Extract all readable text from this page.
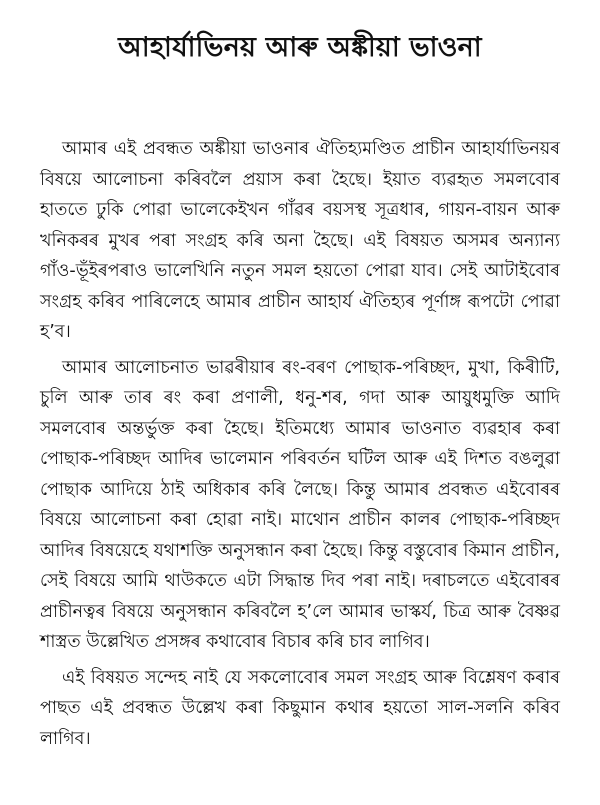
আহাৰ্যাভিনয় আৰু অঙ্কীয়া ভাওনা

আমাৰ এই প্ৰবন্ধত অঙ্কীয়া ভাওনাৰ ঐতিহ্যমণ্ডিত প্ৰাচীন আহাৰ্যাভিনয়ৰ বিষয়ে আলোচনা কৰিবলৈ প্ৰয়াস কৰা হৈছে। ইয়াত ব্যৱহৃত সমলবোৰ হাততে ঢুকি পোৱা ভালেকেইখন গাঁৱৰ বয়সস্থ সূত্ৰধাৰ, গায়ন-বায়ন আৰু খনিকৰৰ মুখৰ পৰা সংগ্ৰহ কৰি অনা হৈছে। এই বিষয়ত অসমৰ অন্যান্য গাঁও-ভূঁইৰপৰাও ভালেখিনি নতুন সমল হয়তো পোৱা যাব। সেই আটাইবোৰ সংগ্ৰহ কৰিব পাৰিলেহে আমাৰ প্ৰাচীন আহাৰ্য ঐতিহ্যৰ পূৰ্ণাঙ্গ ৰূপটো পোৱা হ’ব।

আমাৰ আলোচনাত ভাৱৰীয়াৰ ৰং-বৰণ পোছাক-পৰিচ্ছদ, মুখা, কিৰীটি, চুলি আৰু তাৰ ৰং কৰা প্ৰণালী, ধনু-শৰ, গদা আৰু আয়ুধমুক্তি আদি সমলবোৰ অন্তৰ্ভুক্ত কৰা হৈছে। ইতিমধ্যে আমাৰ ভাওনাত ব্যৱহাৰ কৰা পোছাক-পৰিচ্ছদ আদিৰ ভালেমান পৰিবৰ্তন ঘটিল আৰু এই দিশত বঙলুৱা পোছাক আদিয়ে ঠাই অধিকাৰ কৰি লৈছে। কিন্তু আমাৰ প্ৰবন্ধত এইবোৰৰ বিষয়ে আলোচনা কৰা হোৱা নাই। মাথোন প্ৰাচীন কালৰ পোছাক-পৰিচ্ছদ আদিৰ বিষয়েহে যথাশক্তি অনুসন্ধান কৰা হৈছে। কিন্তু বস্তুবোৰ কিমান প্ৰাচীন, সেই বিষয়ে আমি থাউকতে এটা সিদ্ধান্ত দিব পৰা নাই। দৰাচলতে এইবোৰৰ প্ৰাচীনত্বৰ বিষয়ে অনুসন্ধান কৰিবলৈ হ’লে আমাৰ ভাস্কৰ্য, চিত্ৰ আৰু বৈষ্ণৱ শাস্ত্ৰত উল্লেখিত প্ৰসঙ্গৰ কথাবোৰ বিচাৰ কৰি চাব লাগিব।

এই বিষয়ত সন্দেহ নাই যে সকলোবোৰ সমল সংগ্ৰহ আৰু বিশ্লেষণ কৰাৰ পাছত এই প্ৰবন্ধত উল্লেখ কৰা কিছুমান কথাৰ হয়তো সাল-সলনি কৰিব লাগিব।
